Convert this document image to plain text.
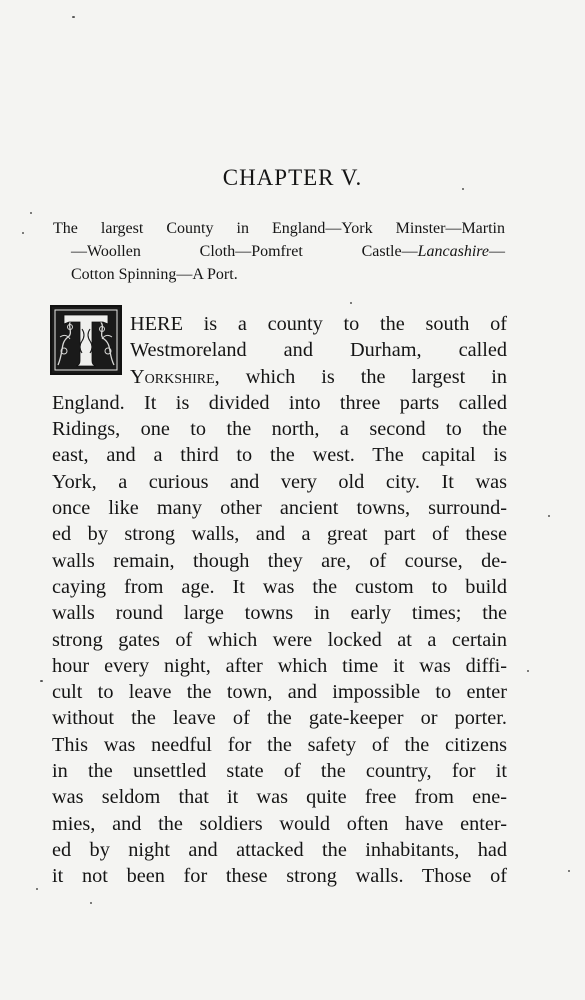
CHAPTER V.
The largest County in England—York Minster—Martin
—Woollen Cloth—Pomfret Castle—Lancashire—
Cotton Spinning—A Port.
HERE is a county to the south of
Westmoreland and Durham, called
Yorkshire, which is the largest in
England. It is divided into three parts called
Ridings, one to the north, a second to the
east, and a third to the west. The capital is
York, a curious and very old city. It was
once like many other ancient towns, surround-
ed by strong walls, and a great part of these
walls remain, though they are, of course, de-
caying from age. It was the custom to build
walls round large towns in early times; the
strong gates of which were locked at a certain
hour every night, after which time it was diffi-
cult to leave the town, and impossible to enter
without the leave of the gate-keeper or porter.
This was needful for the safety of the citizens
in the unsettled state of the country, for it
was seldom that it was quite free from ene-
mies, and the soldiers would often have enter-
ed by night and attacked the inhabitants, had
it not been for these strong walls. Those of
